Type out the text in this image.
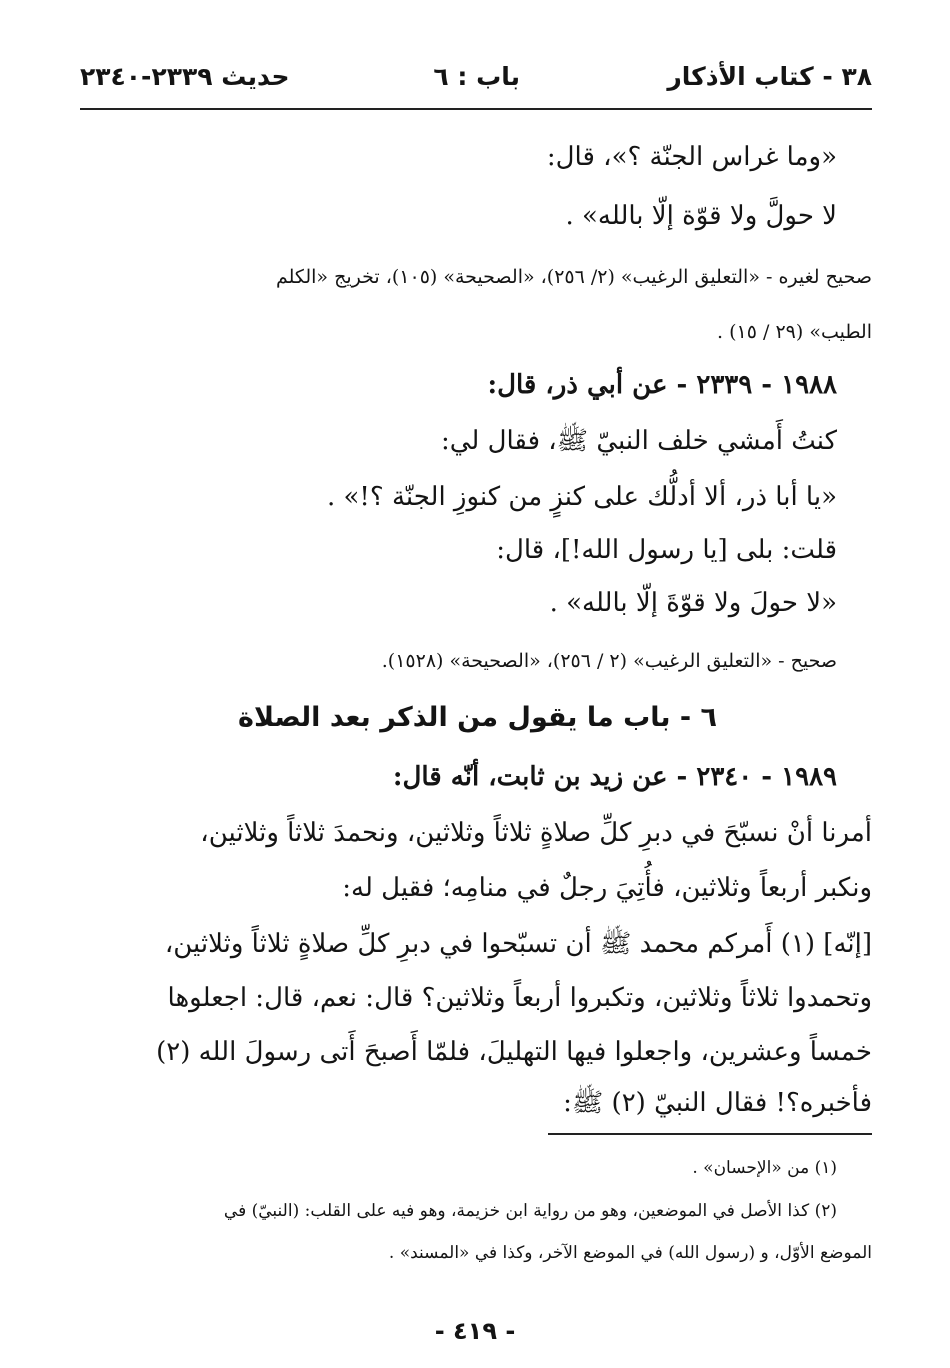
٣٨ - كتاب الأذكار
باب : ٦
حديث ٢٣٣٩-٢٣٤٠
«وما غراس الجنّة ؟»، قال:
لا حولَّ ولا قوّة إلّا بالله» .
صحيح لغيره - «التعليق الرغيب» (٢/ ٢٥٦)، «الصحيحة» (١٠٥)، تخريج «الكلم
الطيب» (٢٩ / ١٥) .
١٩٨٨ - ٢٣٣٩ - عن أبي ذر، قال:
كنتُ أَمشي خلف النبيّ ﷺ، فقال لي:
«يا أبا ذر، ألا أدلُّك على كنزٍ من كنوزِ الجنّة ؟!» .
قلت: بلى [يا رسول الله!]، قال:
«لا حولَ ولا قوّةَ إلّا بالله» .
صحيح - «التعليق الرغيب» (٢ / ٢٥٦)، «الصحيحة» (١٥٢٨).
٦ - باب ما يقول من الذكر بعد الصلاة
١٩٨٩ - ٢٣٤٠ - عن زيد بن ثابت، أنّه قال:
أمرنا أنْ نسبّحَ في دبرِ كلِّ صلاةٍ ثلاثاً وثلاثين، ونحمدَ ثلاثاً وثلاثين،
ونكبر أربعاً وثلاثين، فأُتِيَ رجلٌ في منامِه؛ فقيل له:
[إنّه] (١) أَمركم محمد ﷺ أن تسبّحوا في دبرِ كلِّ صلاةٍ ثلاثاً وثلاثين،
وتحمدوا ثلاثاً وثلاثين، وتكبروا أربعاً وثلاثين؟ قال: نعم، قال: اجعلوها
خمساً وعشرين، واجعلوا فيها التهليلَ، فلمّا أَصبحَ أَتى رسولَ الله (٢)
فأخبره؟! فقال النبيّ (٢) ﷺ:
(١) من «الإحسان» .
(٢) كذا الأصل في الموضعين، وهو من رواية ابن خزيمة، وهو فيه على القلب: (النبيّ) في
الموضع الأوّل، و (رسول الله) في الموضع الآخر، وكذا في «المسند» .
- ٤١٩ -
